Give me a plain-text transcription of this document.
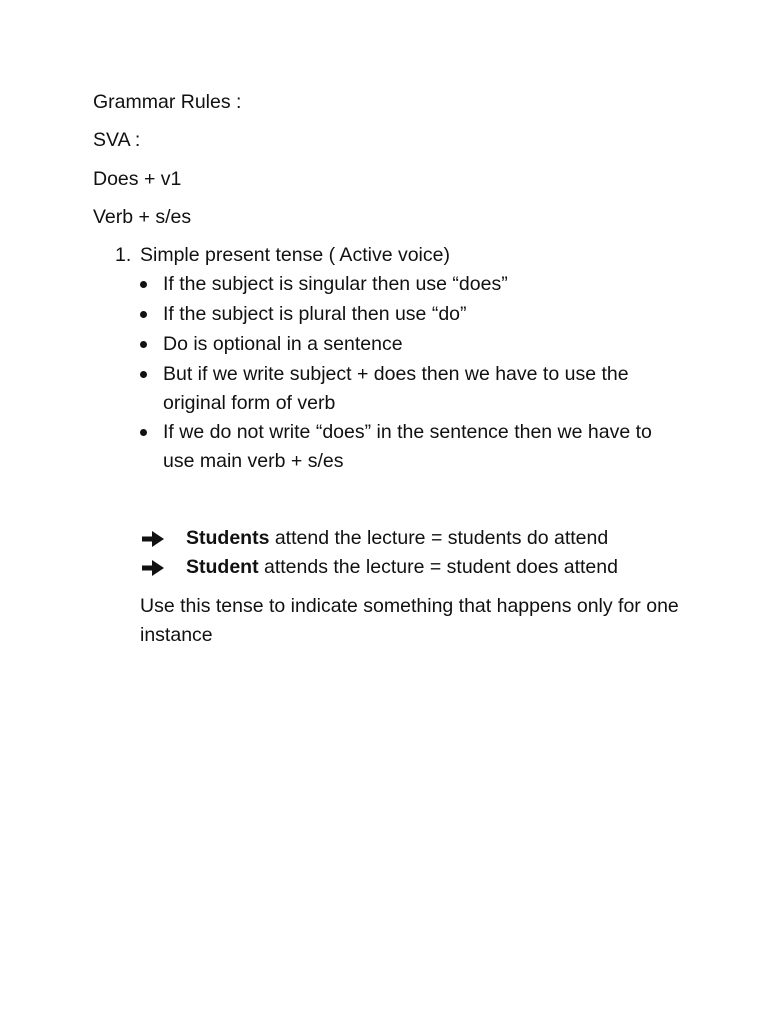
Grammar Rules :
SVA :
Does + v1
Verb + s/es
1. Simple present tense ( Active voice)
If the subject is singular then use “does”
If the subject is plural then use “do”
Do is optional in a sentence
But if we write subject + does then we have to use the original form of verb
If we do not write “does” in the sentence then we have to use main verb + s/es
Students attend the lecture = students do attend
Student attends the lecture = student does attend
Use this tense to indicate something that happens only for one instance
